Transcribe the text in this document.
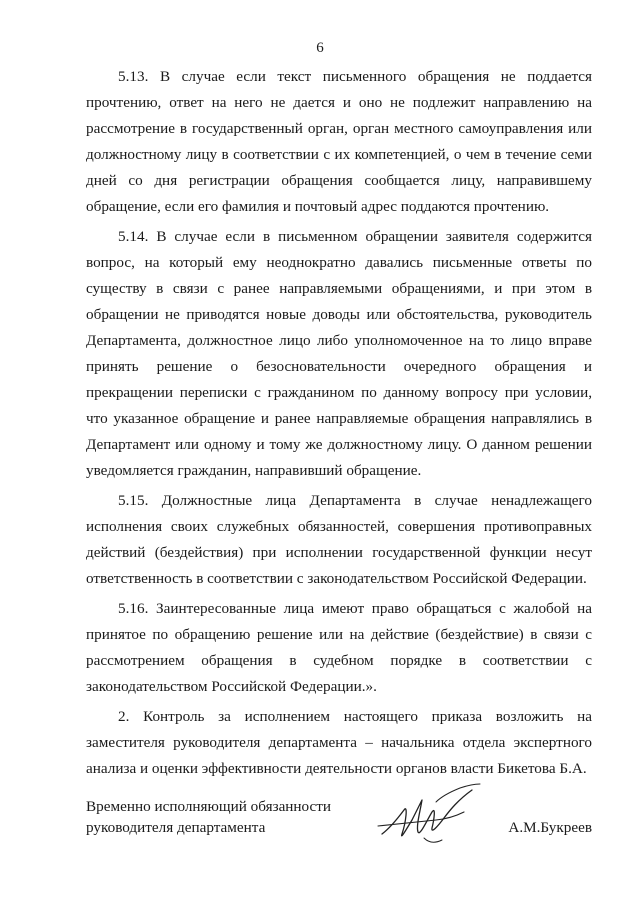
6

5.13. В случае если текст письменного обращения не поддается прочтению, ответ на него не дается и оно не подлежит направлению на рассмотрение в государственный орган, орган местного самоуправления или должностному лицу в соответствии с их компетенцией, о чем в течение семи дней со дня регистрации обращения сообщается лицу, направившему обращение, если его фамилия и почтовый адрес поддаются прочтению.

5.14. В случае если в письменном обращении заявителя содержится вопрос, на который ему неоднократно давались письменные ответы по существу в связи с ранее направляемыми обращениями, и при этом в обращении не приводятся новые доводы или обстоятельства, руководитель Департамента, должностное лицо либо уполномоченное на то лицо вправе принять решение о безосновательности очередного обращения и прекращении переписки с гражданином по данному вопросу при условии, что указанное обращение и ранее направляемые обращения направлялись в Департамент или одному и тому же должностному лицу. О данном решении уведомляется гражданин, направивший обращение.

5.15. Должностные лица Департамента в случае ненадлежащего исполнения своих служебных обязанностей, совершения противоправных действий (бездействия) при исполнении государственной функции несут ответственность в соответствии с законодательством Российской Федерации.

5.16. Заинтересованные лица имеют право обращаться с жалобой на принятое по обращению решение или на действие (бездействие) в связи с рассмотрением обращения в судебном порядке в соответствии с законодательством Российской Федерации.».

2. Контроль за исполнением настоящего приказа возложить на заместителя руководителя департамента – начальника отдела экспертного анализа и оценки эффективности деятельности органов власти Бикетова Б.А.

Временно исполняющий обязанности
руководителя департамента	А.М.Букреев
